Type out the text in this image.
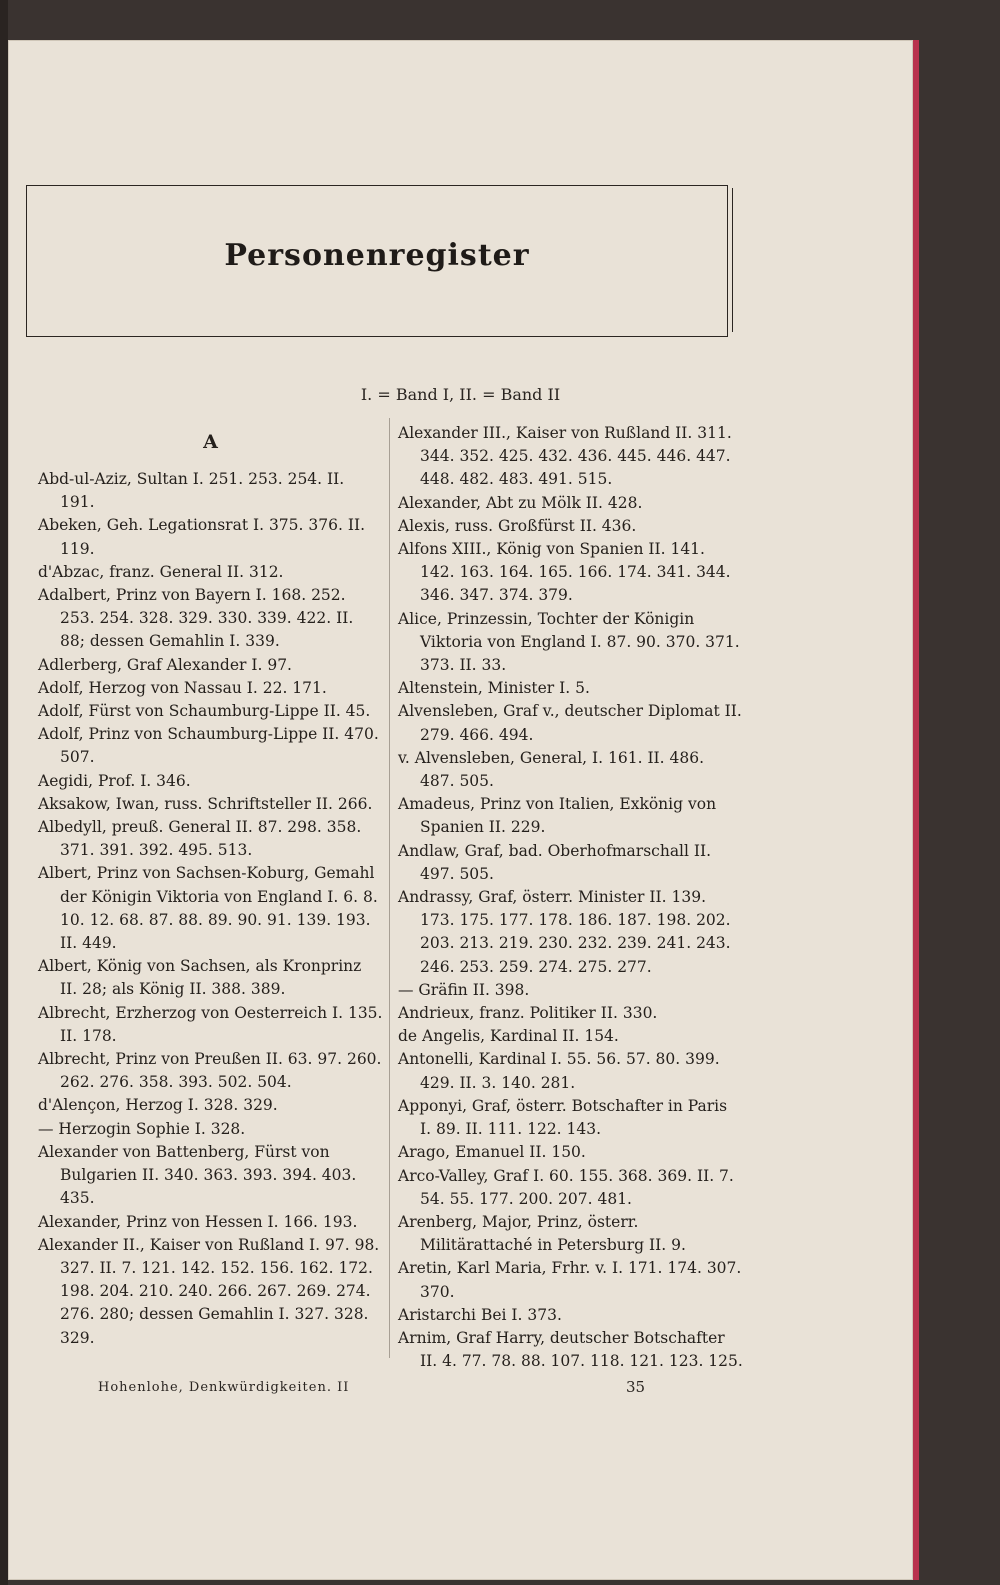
Personenregister
I. = Band I, II. = Band II
A

Abd-ul-Aziz, Sultan I. 251. 253. 254. II. 191.

Abeken, Geh. Legationsrat I. 375. 376. II. 119.

d'Abzac, franz. General II. 312.

Adalbert, Prinz von Bayern I. 168. 252. 253. 254. 328. 329. 330. 339. 422. II. 88; dessen Gemahlin I. 339.

Adlerberg, Graf Alexander I. 97.

Adolf, Herzog von Nassau I. 22. 171.

Adolf, Fürst von Schaumburg-Lippe II. 45.

Adolf, Prinz von Schaumburg-Lippe II. 470. 507.

Aegidi, Prof. I. 346.

Aksakow, Iwan, russ. Schriftsteller II. 266.

Albedyll, preuß. General II. 87. 298. 358. 371. 391. 392. 495. 513.

Albert, Prinz von Sachsen-Koburg, Gemahl der Königin Viktoria von England I. 6. 8. 10. 12. 68. 87. 88. 89. 90. 91. 139. 193. II. 449.

Albert, König von Sachsen, als Kronprinz II. 28; als König II. 388. 389.

Albrecht, Erzherzog von Oesterreich I. 135. II. 178.

Albrecht, Prinz von Preußen II. 63. 97. 260. 262. 276. 358. 393. 502. 504.

d'Alençon, Herzog I. 328. 329.

— Herzogin Sophie I. 328.

Alexander von Battenberg, Fürst von Bulgarien II. 340. 363. 393. 394. 403. 435.

Alexander, Prinz von Hessen I. 166. 193.

Alexander II., Kaiser von Rußland I. 97. 98. 327. II. 7. 121. 142. 152. 156. 162. 172. 198. 204. 210. 240. 266. 267. 269. 274. 276. 280; dessen Gemahlin I. 327. 328. 329.

Alexander III., Kaiser von Rußland II. 311. 344. 352. 425. 432. 436. 445. 446. 447. 448. 482. 483. 491. 515.

Alexander, Abt zu Mölk II. 428.

Alexis, russ. Großfürst II. 436.

Alfons XIII., König von Spanien II. 141. 142. 163. 164. 165. 166. 174. 341. 344. 346. 347. 374. 379.

Alice, Prinzessin, Tochter der Königin Viktoria von England I. 87. 90. 370. 371. 373. II. 33.

Altenstein, Minister I. 5.

Alvensleben, Graf v., deutscher Diplomat II. 279. 466. 494.

v. Alvensleben, General, I. 161. II. 486. 487. 505.

Amadeus, Prinz von Italien, Exkönig von Spanien II. 229.

Andlaw, Graf, bad. Oberhofmarschall II. 497. 505.

Andrassy, Graf, österr. Minister II. 139. 173. 175. 177. 178. 186. 187. 198. 202. 203. 213. 219. 230. 232. 239. 241. 243. 246. 253. 259. 274. 275. 277.

— Gräfin II. 398.

Andrieux, franz. Politiker II. 330.

de Angelis, Kardinal II. 154.

Antonelli, Kardinal I. 55. 56. 57. 80. 399. 429. II. 3. 140. 281.

Apponyi, Graf, österr. Botschafter in Paris I. 89. II. 111. 122. 143.

Arago, Emanuel II. 150.

Arco-Valley, Graf I. 60. 155. 368. 369. II. 7. 54. 55. 177. 200. 207. 481.

Arenberg, Major, Prinz, österr. Militärattaché in Petersburg II. 9.

Aretin, Karl Maria, Frhr. v. I. 171. 174. 307. 370.

Aristarchi Bei I. 373.

Arnim, Graf Harry, deutscher Botschafter II. 4. 77. 78. 88. 107. 118. 121. 123. 125.

Hohenlohe, Denkwürdigkeiten. II	35
